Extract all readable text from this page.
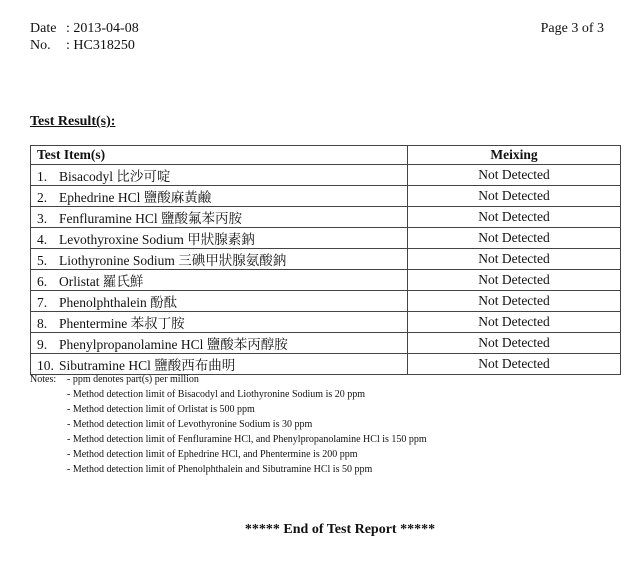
Date : 2013-04-08
No.	: HC318250
Page 3 of 3
Test Result(s):
Test Item(s)	Meixing
1. Bisacodyl 比沙可啶	Not Detected
2. Ephedrine HCl 鹽酸麻黃鹼	Not Detected
3. Fenfluramine HCl 鹽酸氟苯丙胺	Not Detected
4. Levothyroxine Sodium 甲狀腺素鈉	Not Detected
5. Liothyronine Sodium 三碘甲狀腺氨酸鈉	Not Detected
6. Orlistat 羅氏鮮	Not Detected
7. Phenolphthalein 酚酞	Not Detected
8. Phentermine 苯叔丁胺	Not Detected
9. Phenylpropanolamine HCl 鹽酸苯丙醇胺	Not Detected
10. Sibutramine HCl 鹽酸西布曲明	Not Detected
Notes:	- ppm denotes part(s) per million
- Method detection limit of Bisacodyl and Liothyronine Sodium is 20 ppm
- Method detection limit of Orlistat is 500 ppm
- Method detection limit of Levothyronine Sodium is 30 ppm
- Method detection limit of Fenfluramine HCl, and Phenylpropanolamine HCl is 150 ppm
- Method detection limit of Ephedrine HCl, and Phentermine is 200 ppm
- Method detection limit of Phenolphthalein and Sibutramine HCl is 50 ppm
***** End of Test Report *****
